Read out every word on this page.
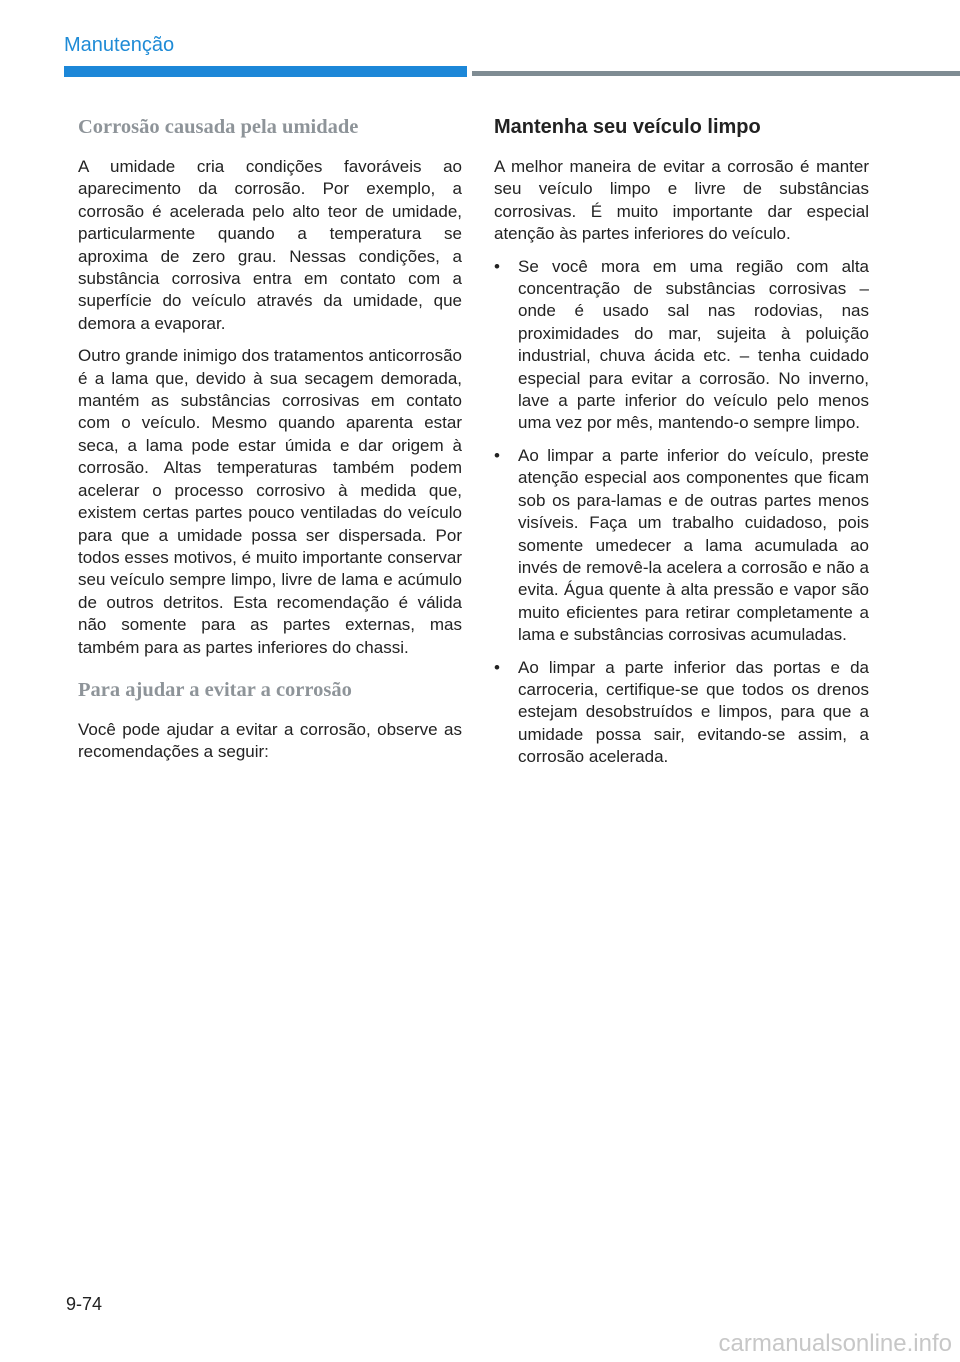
Manutenção
Corrosão causada pela umidade

A umidade cria condições favoráveis ao aparecimento da corrosão. Por exemplo, a corrosão é acelerada pelo alto teor de umidade, particularmente quando a temperatura se aproxima de zero grau. Nessas condições, a substância corrosiva entra em contato com a superfície do veículo através da umidade, que demora a evaporar.

Outro grande inimigo dos tratamentos anticorrosão é a lama que, devido à sua secagem demorada, mantém as substâncias corrosivas em contato com o veículo. Mesmo quando aparenta estar seca, a lama pode estar úmida e dar origem à corrosão. Altas temperaturas também podem acelerar o processo corrosivo à medida que, existem certas partes pouco ventiladas do veículo para que a umidade possa ser dispersada. Por todos esses motivos, é muito importante conservar seu veículo sempre limpo, livre de lama e acúmulo de outros detritos. Esta recomendação é válida não somente para as partes externas, mas também para as partes inferiores do chassi.

Para ajudar a evitar a corrosão

Você pode ajudar a evitar a corrosão, observe as recomendações a seguir:

Mantenha seu veículo limpo

A melhor maneira de evitar a corrosão é manter seu veículo limpo e livre de substâncias corrosivas. É muito importante dar especial atenção às partes inferiores do veículo.

• Se você mora em uma região com alta concentração de substâncias corrosivas – onde é usado sal nas rodovias, nas proximidades do mar, sujeita à poluição industrial, chuva ácida etc. – tenha cuidado especial para evitar a corrosão. No inverno, lave a parte inferior do veículo pelo menos uma vez por mês, mantendo-o sempre limpo.
• Ao limpar a parte inferior do veículo, preste atenção especial aos componentes que ficam sob os para-lamas e de outras partes menos visíveis. Faça um trabalho cuidadoso, pois somente umedecer a lama acumulada ao invés de removê-la acelera a corrosão e não a evita. Água quente à alta pressão e vapor são muito eficientes para retirar completamente a lama e substâncias corrosivas acumuladas.
• Ao limpar a parte inferior das portas e da carroceria, certifique-se que todos os drenos estejam desobstruídos e limpos, para que a umidade possa sair, evitando-se assim, a corrosão acelerada.
9-74
carmanualsonline.info
